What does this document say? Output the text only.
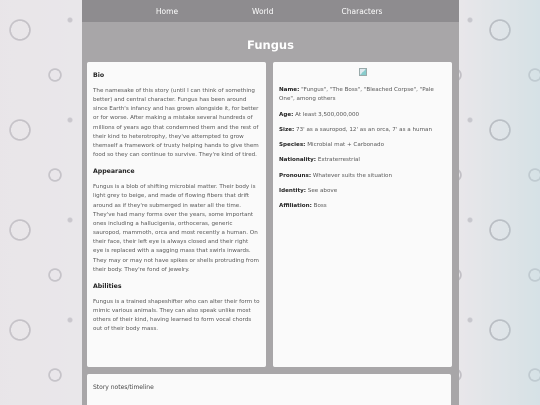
Home	World	Characters
Fungus
Bio

The namesake of this story (until I can think of something better) and central character. Fungus has been around since Earth's infancy and has grown alongside it, for better or for worse. After making a mistake several hundreds of millions of years ago that condemned them and the rest of their kind to heterotrophy, they've attempted to grow themself a framework of trusty helping hands to give them food so they can continue to survive. They're kind of tired.

Appearance

Fungus is a blob of shifting microbial matter. Their body is light grey to beige, and made of flowing fibers that drift around as if they're submerged in water all the time. They've had many forms over the years, some important ones including a hallucigenia, orthoceras, generic sauropod, mammoth, orca and most recently a human. On their face, their left eye is always closed and their right eye is replaced with a sagging mass that swirls inwards. They may or may not have spikes or shells protruding from their body. They're fond of jewelry.

Abilities

Fungus is a trained shapeshifter who can alter their form to mimic various animals. They can also speak unlike most others of their kind, having learned to form vocal chords out of their body mass.

Name: "Fungus", "The Boss", "Bleached Corpse", "Pale One", among others

Age: At least 3,500,000,000

Size: 73' as a sauropod, 12' as an orca, 7' as a human

Species: Microbial mat + Carbonado

Nationality: Extraterrestrial

Pronouns: Whatever suits the situation

Identity: See above

Affiliation: Boss

Story notes/timeline
